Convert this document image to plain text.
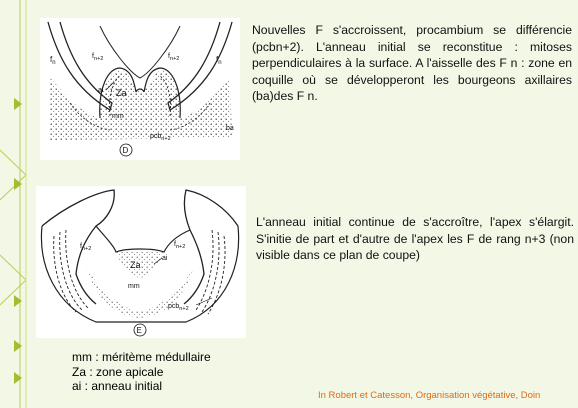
$f_n$	$f_n$
$f_{n+2}$	$f_{n+2}$
ai Za
mm
pcb$_{n+2}$
ba
D
$f_{n+2}$
$f_{n+2}$
ai
Za
mm
pcb$_{n+2}$
E
Nouvelles F s'accroissent, procambium se différencie (pcbn+2). L'anneau initial se reconstitue : mitoses perpendiculaires à la surface. A l'aisselle des F n : zone en coquille où se développeront les bourgeons axillaires (ba)des F n.
L'anneau initial continue de s'accroître, l'apex s'élargit. S'initie de part et d'autre de l'apex les F de rang n+3 (non visible dans ce plan de coupe)
mm : méritème médullaire
Za : zone apicale
ai : anneau initial
In Robert et Catesson, Organisation végétative, Doin
